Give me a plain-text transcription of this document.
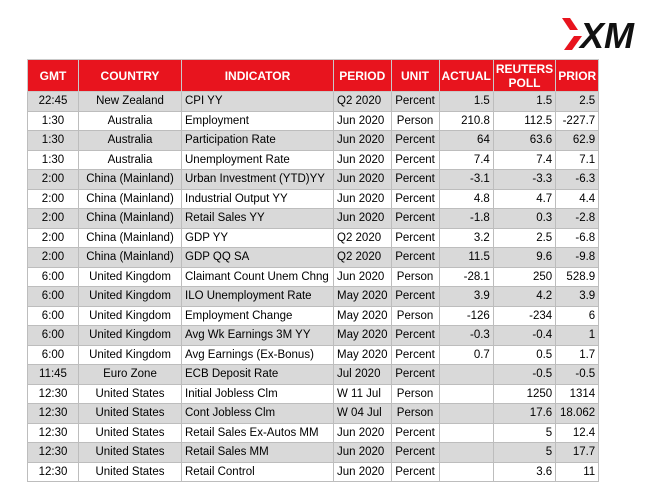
XM
GMT	COUNTRY	INDICATOR	PERIOD	UNIT	ACTUAL	REUTERS POLL	PRIOR
22:45	New Zealand	CPI YY	Q2 2020	Percent	1.5	1.5	2.5
1:30	Australia	Employment	Jun 2020	Person	210.8	112.5	-227.7
1:30	Australia	Participation Rate	Jun 2020	Percent	64	63.6	62.9
1:30	Australia	Unemployment Rate	Jun 2020	Percent	7.4	7.4	7.1
2:00	China (Mainland)	Urban Investment (YTD)YY	Jun 2020	Percent	-3.1	-3.3	-6.3
2:00	China (Mainland)	Industrial Output YY	Jun 2020	Percent	4.8	4.7	4.4
2:00	China (Mainland)	Retail Sales YY	Jun 2020	Percent	-1.8	0.3	-2.8
2:00	China (Mainland)	GDP YY	Q2 2020	Percent	3.2	2.5	-6.8
2:00	China (Mainland)	GDP QQ SA	Q2 2020	Percent	11.5	9.6	-9.8
6:00	United Kingdom	Claimant Count Unem Chng	Jun 2020	Person	-28.1	250	528.9
6:00	United Kingdom	ILO Unemployment Rate	May 2020	Percent	3.9	4.2	3.9
6:00	United Kingdom	Employment Change	May 2020	Person	-126	-234	6
6:00	United Kingdom	Avg Wk Earnings 3M YY	May 2020	Percent	-0.3	-0.4	1
6:00	United Kingdom	Avg Earnings (Ex-Bonus)	May 2020	Percent	0.7	0.5	1.7
11:45	Euro Zone	ECB Deposit Rate	Jul 2020	Percent		-0.5	-0.5
12:30	United States	Initial Jobless Clm	W 11 Jul	Person		1250	1314
12:30	United States	Cont Jobless Clm	W 04 Jul	Person		17.6	18.062
12:30	United States	Retail Sales Ex-Autos MM	Jun 2020	Percent		5	12.4
12:30	United States	Retail Sales MM	Jun 2020	Percent		5	17.7
12:30	United States	Retail Control	Jun 2020	Percent		3.6	11
